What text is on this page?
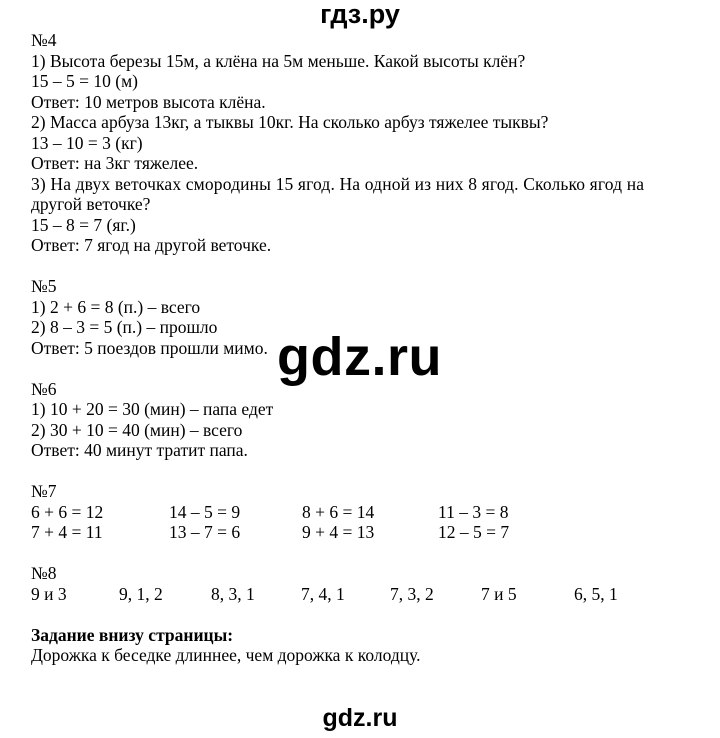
гдз.ру
№4
1) Высота березы 15м, а клёна на 5м меньше. Какой высоты клён?
15 – 5 = 10 (м)
Ответ: 10 метров высота клёна.
2) Масса арбуза 13кг, а тыквы 10кг. На сколько арбуз тяжелее тыквы?
13 – 10 = 3 (кг)
Ответ: на 3кг тяжелее.
3) На двух веточках смородины 15 ягод. На одной из них 8 ягод. Сколько ягод на
другой веточке?
15 – 8 = 7 (яг.)
Ответ: 7 ягод на другой веточке.
№5
1) 2 + 6 = 8 (п.) – всего
2) 8 – 3 = 5 (п.) – прошло
Ответ: 5 поездов прошли мимо.
№6
1) 10 + 20 = 30 (мин) – папа едет
2) 30 + 10 = 40 (мин) – всего
Ответ: 40 минут тратит папа.
№7
6 + 6 = 12	14 – 5 = 9	8 + 6 = 14	11 – 3 = 8
7 + 4 = 11	13 – 7 = 6	9 + 4 = 13	12 – 5 = 7
№8
9 и 3	9, 1, 2	8, 3, 1	7, 4, 1	7, 3, 2	7 и 5	6, 5, 1
Задание внизу страницы:
Дорожка к беседке длиннее, чем дорожка к колодцу.
gdz.ru
gdz.ru
